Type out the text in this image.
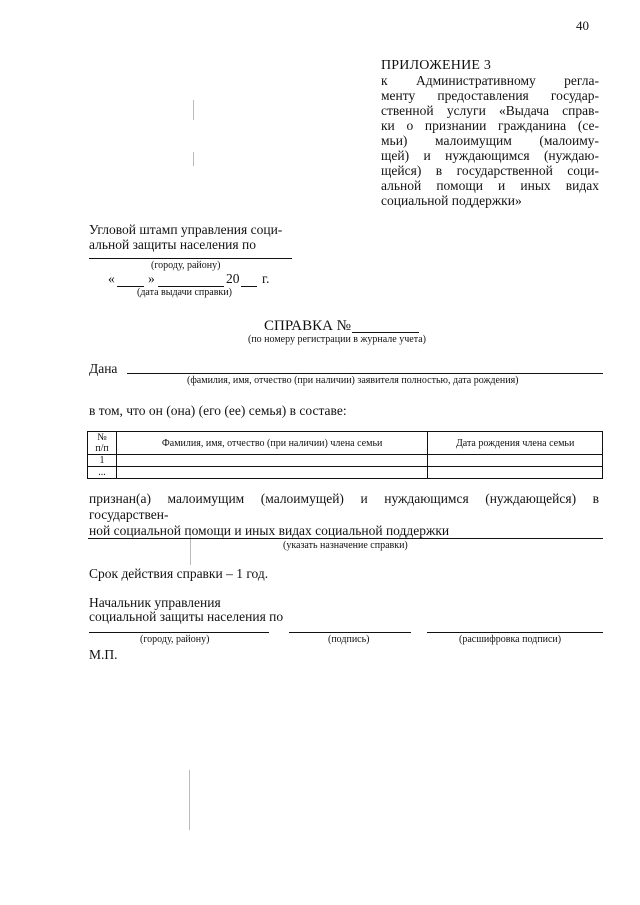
40
ПРИЛОЖЕНИЕ 3
к Административному регла-
менту предоставления государ-
ственной услуги «Выдача справ-
ки о признании гражданина (се-
мьи) малоимущим (малоиму-
щей) и нуждающимся (нуждаю-
щейся) в государственной соци-
альной помощи и иных видах
социальной поддержки»
Угловой штамп управления соци-
альной защиты населения по
(городу, району)
« »	20 г.
(дата выдачи справки)
СПРАВКА №
(по номеру регистрации в журнале учета)
Дана
(фамилия, имя, отчество (при наличии) заявителя полностью, дата рождения)
в том, что он (она) (его (ее) семья) в составе:
№
п/п	Фамилия, имя, отчество (при наличии) члена семьи	Дата рождения члена семьи
1		
...		
признан(а) малоимущим (малоимущей) и нуждающимся (нуждающейся) в государствен-
ной социальной помощи и иных видах социальной поддержки
(указать назначение справки)
Срок действия справки – 1 год.
Начальник управления
социальной защиты населения по
(городу, району)	(подпись)	(расшифровка подписи)
М.П.
